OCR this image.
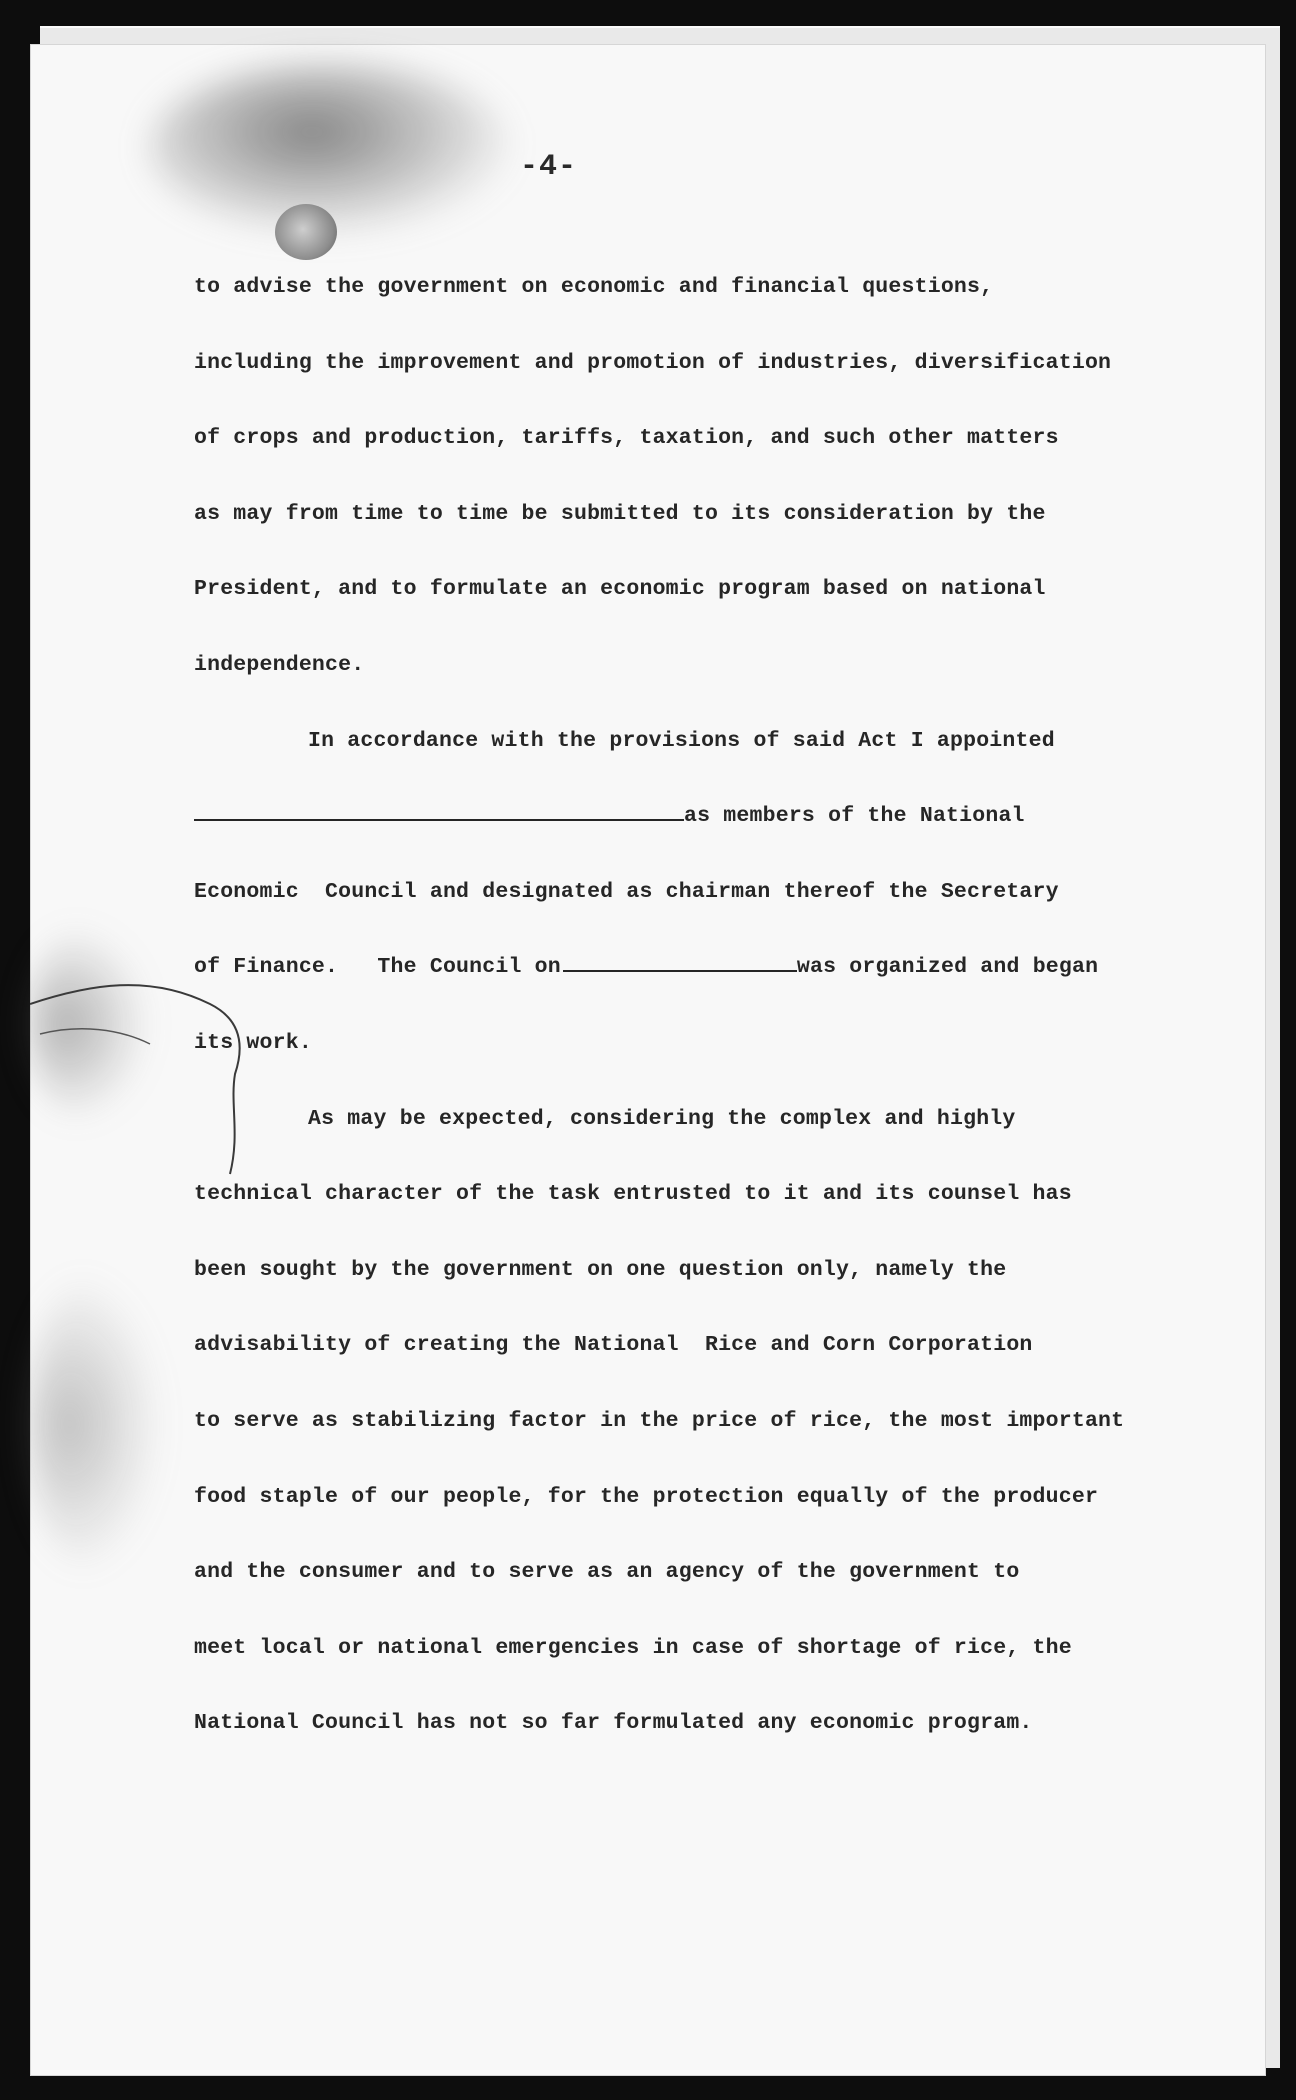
-4-
to advise the government on economic and financial questions,
including the improvement and promotion of industries, diversification
of crops and production, tariffs, taxation, and such other matters
as may from time to time be submitted to its consideration by the
President, and to formulate an economic program based on national
independence.
In accordance with the provisions of said Act I appointed
as members of the National
Economic  Council and designated as chairman thereof the Secretary
of Finance.   The Council on	was organized and began
its work.
As may be expected, considering the complex and highly
technical character of the task entrusted to it and its counsel has
been sought by the government on one question only, namely the
advisability of creating the National  Rice and Corn Corporation
to serve as stabilizing factor in the price of rice, the most important
food staple of our people, for the protection equally of the producer
and the consumer and to serve as an agency of the government to
meet local or national emergencies in case of shortage of rice, the
National Council has not so far formulated any economic program.
